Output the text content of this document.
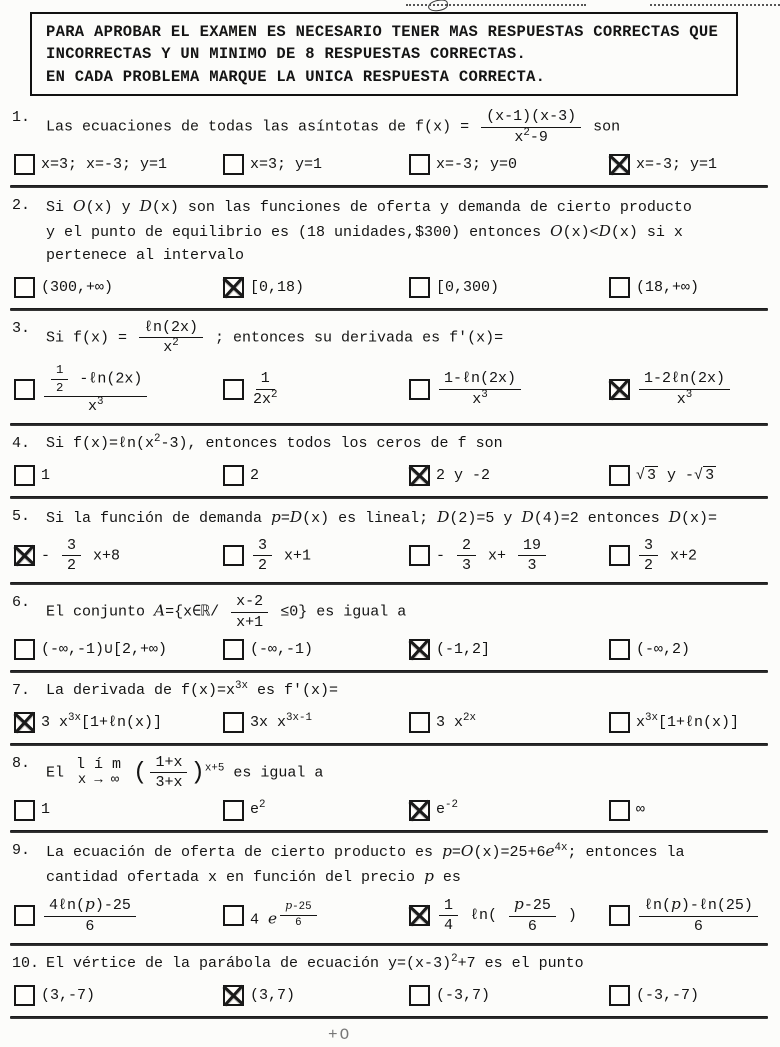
PARA APROBAR EL EXAMEN ES NECESARIO TENER MAS RESPUESTAS CORRECTAS QUE
INCORRECTAS Y UN MINIMO DE 8 RESPUESTAS CORRECTAS.
EN CADA PROBLEMA MARQUE LA UNICA RESPUESTA CORRECTA.
1.
Las ecuaciones de todas las asíntotas de $f(x) = \frac{(x-1)(x-3)}{x^2-9}$ son
x=3; x=-3; y=1	x=3; y=1	x=-3; y=0	x=-3; y=1
2.	Si O(x) y D(x) son las funciones de oferta y demanda de cierto producto
y el punto de equilibrio es (18 unidades,$300) entonces O(x)<D(x) si x
pertenece al intervalo
(300,+∞)	[0,18)	[0,300)	(18,+∞)
3.
Si $f(x) = \frac{\text{ℓn(2x)}}{x^2}$ ; entonces su derivada es f′(x)=
$\frac{\frac{1}{2} -\ell n(2x)}{x^3}$	$\frac{1}{2x^2}$	$\frac{\text{1-ℓn(2x)}}{x^3}$	$\frac{\text{1-2ℓn(2x)}}{x^3}$
4.	Si $f(x)=\ell n(x^2-3)$, entonces todos los ceros de f son
1	2	2 y -2	√ 3 y -√ 3
5.	Si la función de demanda p=D(x) es lineal; D(2)=5 y D(4)=2 entonces D(x)=
- $\frac{3}{2} x+8$	$\frac{3}{2} x+1$	- $\frac{2}{3} x+ \frac{19}{3}$	$\frac{3}{2} x+2$
6.
El conjunto A={x∈ℝ/ $\frac{x-2}{x+1} \le 0$} es igual a
(-∞,-1)∪[2,+∞)	(-∞,-1)	(-1,2]	(-∞,2)
7.	La derivada de $f(x)=x^{3x}$ es f′(x)=
3 $x^{3x}[1+\ell n(x)]$	3x $x^{3x-1}$	3 $x^{2x}$	$x^{3x}[1+\ell n(x)]$
8.
El
l í m
x → ∞ ( $\frac{1+x}{3+x} )^{x+5}$ es igual a
1	$e^2$	$e^{-2}$	∞
9.	La ecuación de oferta de cierto producto es $p=O(x)=25+6e^{4x}$; entonces la
cantidad ofertada x en función del precio p es
$\frac{\text{4ℓn(p)-25}}{6}$	4 e $^{\frac{p-25}{6}}$	$\frac{1}{4}$ ℓn( $\frac{p-25}{6}$ )	$\frac{\text{ℓn(p)-ℓn(25)}}{6}$
10. El vértice de la parábola de ecuación $y=(x-3)^2+7$ es el punto
(3,-7)	(3,7)	(-3,7)	(-3,-7)
+O
